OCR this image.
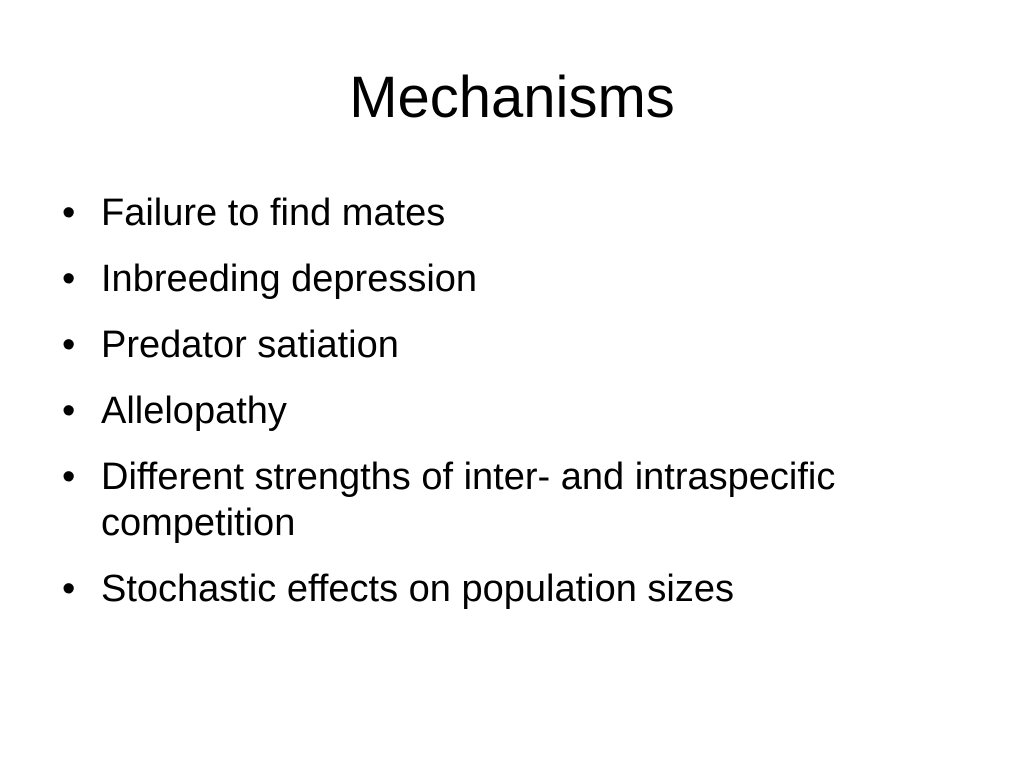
Mechanisms
• Failure to find mates
• Inbreeding depression
• Predator satiation
• Allelopathy
• Different strengths of inter- and intraspecific competition
• Stochastic effects on population sizes
